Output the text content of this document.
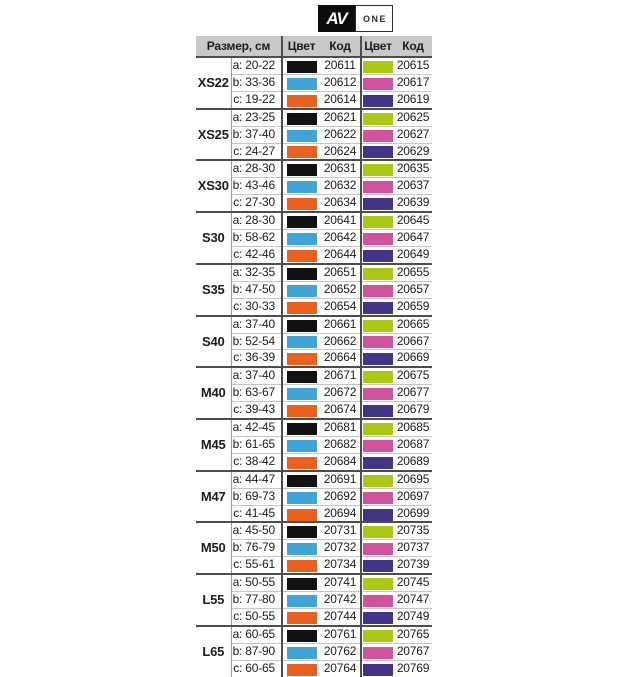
AV	ONE
Размер, см		Цвет	Код	Цвет	Код
XS22	a: 20-22		20611		20615
	b: 33-36		20612		20617
	c: 19-22		20614		20619
XS25	a: 23-25		20621		20625
	b: 37-40		20622		20627
	c: 24-27		20624		20629
XS30	a: 28-30		20631		20635
	b: 43-46		20632		20637
	c: 27-30		20634		20639
S30	a: 28-30		20641		20645
	b: 58-62		20642		20647
	c: 42-46		20644		20649
S35	a: 32-35		20651		20655
	b: 47-50		20652		20657
	c: 30-33		20654		20659
S40	a: 37-40		20661		20665
	b: 52-54		20662		20667
	c: 36-39		20664		20669
M40	a: 37-40		20671		20675
	b: 63-67		20672		20677
	c: 39-43		20674		20679
M45	a: 42-45		20681		20685
	b: 61-65		20682		20687
	c: 38-42		20684		20689
M47	a: 44-47		20691		20695
	b: 69-73		20692		20697
	c: 41-45		20694		20699
M50	a: 45-50		20731		20735
	b: 76-79		20732		20737
	c: 55-61		20734		20739
L55	a: 50-55		20741		20745
	b: 77-80		20742		20747
	c: 50-55		20744		20749
L65	a: 60-65		20761		20765
	b: 87-90		20762		20767
	c: 60-65		20764		20769
